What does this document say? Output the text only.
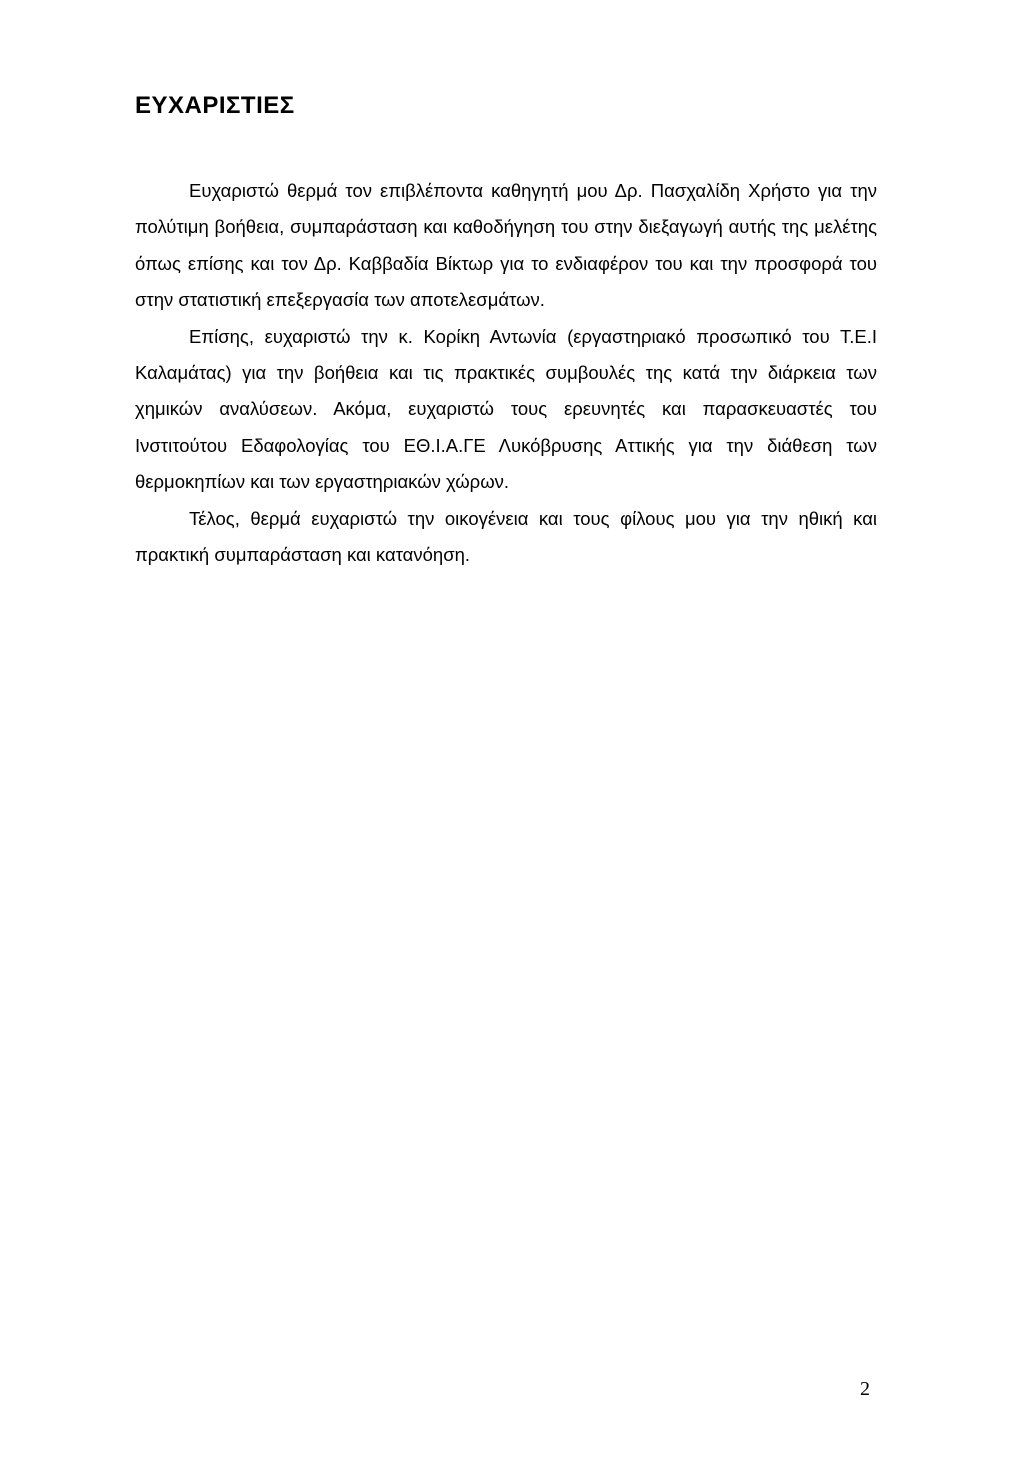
ΕΥΧΑΡΙΣΤΙΕΣ

Ευχαριστώ θερμά τον επιβλέποντα καθηγητή μου Δρ. Πασχαλίδη Χρήστο για την πολύτιμη βοήθεια, συμπαράσταση και καθοδήγηση του στην διεξαγωγή αυτής της μελέτης όπως επίσης και τον Δρ. Καββαδία Βίκτωρ για το ενδιαφέρον του και την προσφορά του στην στατιστική επεξεργασία των αποτελεσμάτων.

Επίσης, ευχαριστώ την κ. Κορίκη Αντωνία (εργαστηριακό προσωπικό του Τ.Ε.Ι Καλαμάτας) για την βοήθεια και τις πρακτικές συμβουλές της κατά την διάρκεια των χημικών αναλύσεων. Ακόμα, ευχαριστώ τους ερευνητές και παρασκευαστές του Ινστιτούτου Εδαφολογίας του ΕΘ.Ι.Α.ΓΕ Λυκόβρυσης Αττικής για την διάθεση των θερμοκηπίων και των εργαστηριακών χώρων.

Τέλος, θερμά ευχαριστώ την οικογένεια και τους φίλους μου για την ηθική και πρακτική συμπαράσταση και κατανόηση.

2
